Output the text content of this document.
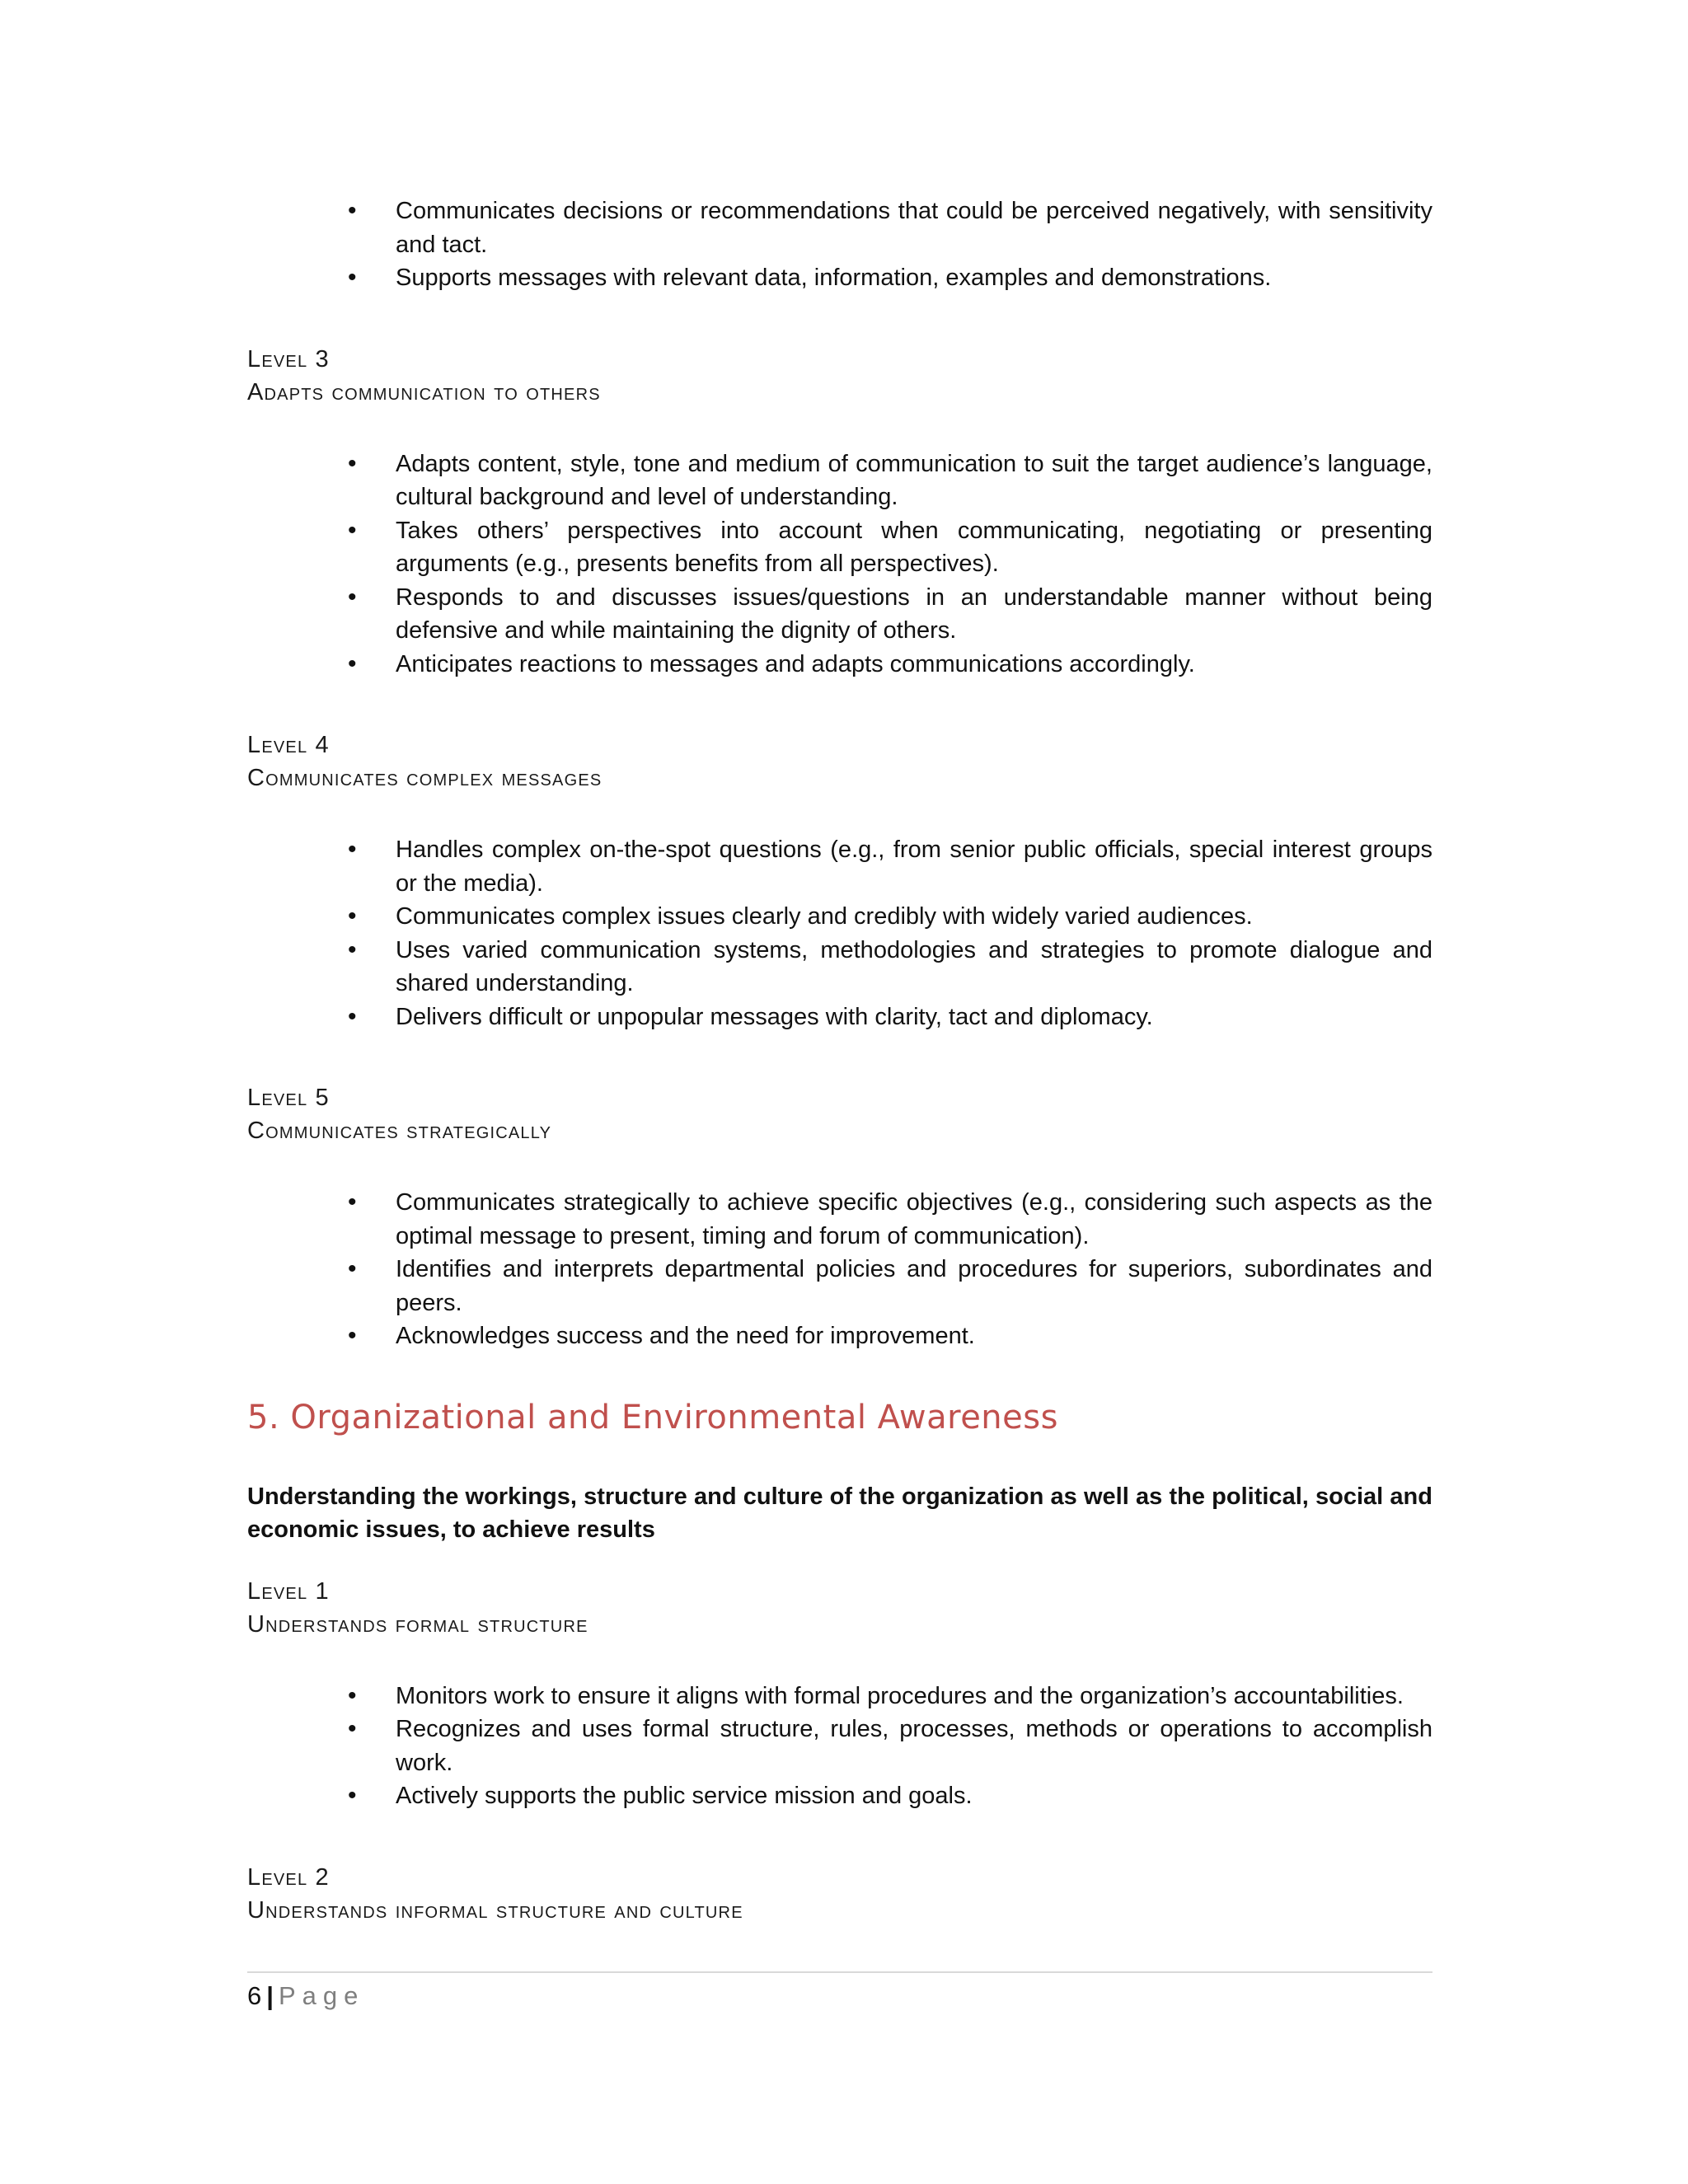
• Communicates decisions or recommendations that could be perceived negatively, with sensitivity and tact.
• Supports messages with relevant data, information, examples and demonstrations.

Level 3

Adapts communication to others

• Adapts content, style, tone and medium of communication to suit the target audience’s language, cultural background and level of understanding.
• Takes others’ perspectives into account when communicating, negotiating or presenting arguments (e.g., presents benefits from all perspectives).
• Responds to and discusses issues/questions in an understandable manner without being defensive and while maintaining the dignity of others.
• Anticipates reactions to messages and adapts communications accordingly.

Level 4

Communicates complex messages

• Handles complex on-the-spot questions (e.g., from senior public officials, special interest groups or the media).
• Communicates complex issues clearly and credibly with widely varied audiences.
• Uses varied communication systems, methodologies and strategies to promote dialogue and shared understanding.
• Delivers difficult or unpopular messages with clarity, tact and diplomacy.

Level 5

Communicates strategically

• Communicates strategically to achieve specific objectives (e.g., considering such aspects as the optimal message to present, timing and forum of communication).
• Identifies and interprets departmental policies and procedures for superiors, subordinates and peers.
• Acknowledges success and the need for improvement.
5. Organizational and Environmental Awareness

Understanding the workings, structure and culture of the organization as well as the political, social and economic issues, to achieve results

Level 1

Understands formal structure

• Monitors work to ensure it aligns with formal procedures and the organization’s accountabilities.
• Recognizes and uses formal structure, rules, processes, methods or operations to accomplish work.
• Actively supports the public service mission and goals.

Level 2

Understands informal structure and culture

6 | Page
